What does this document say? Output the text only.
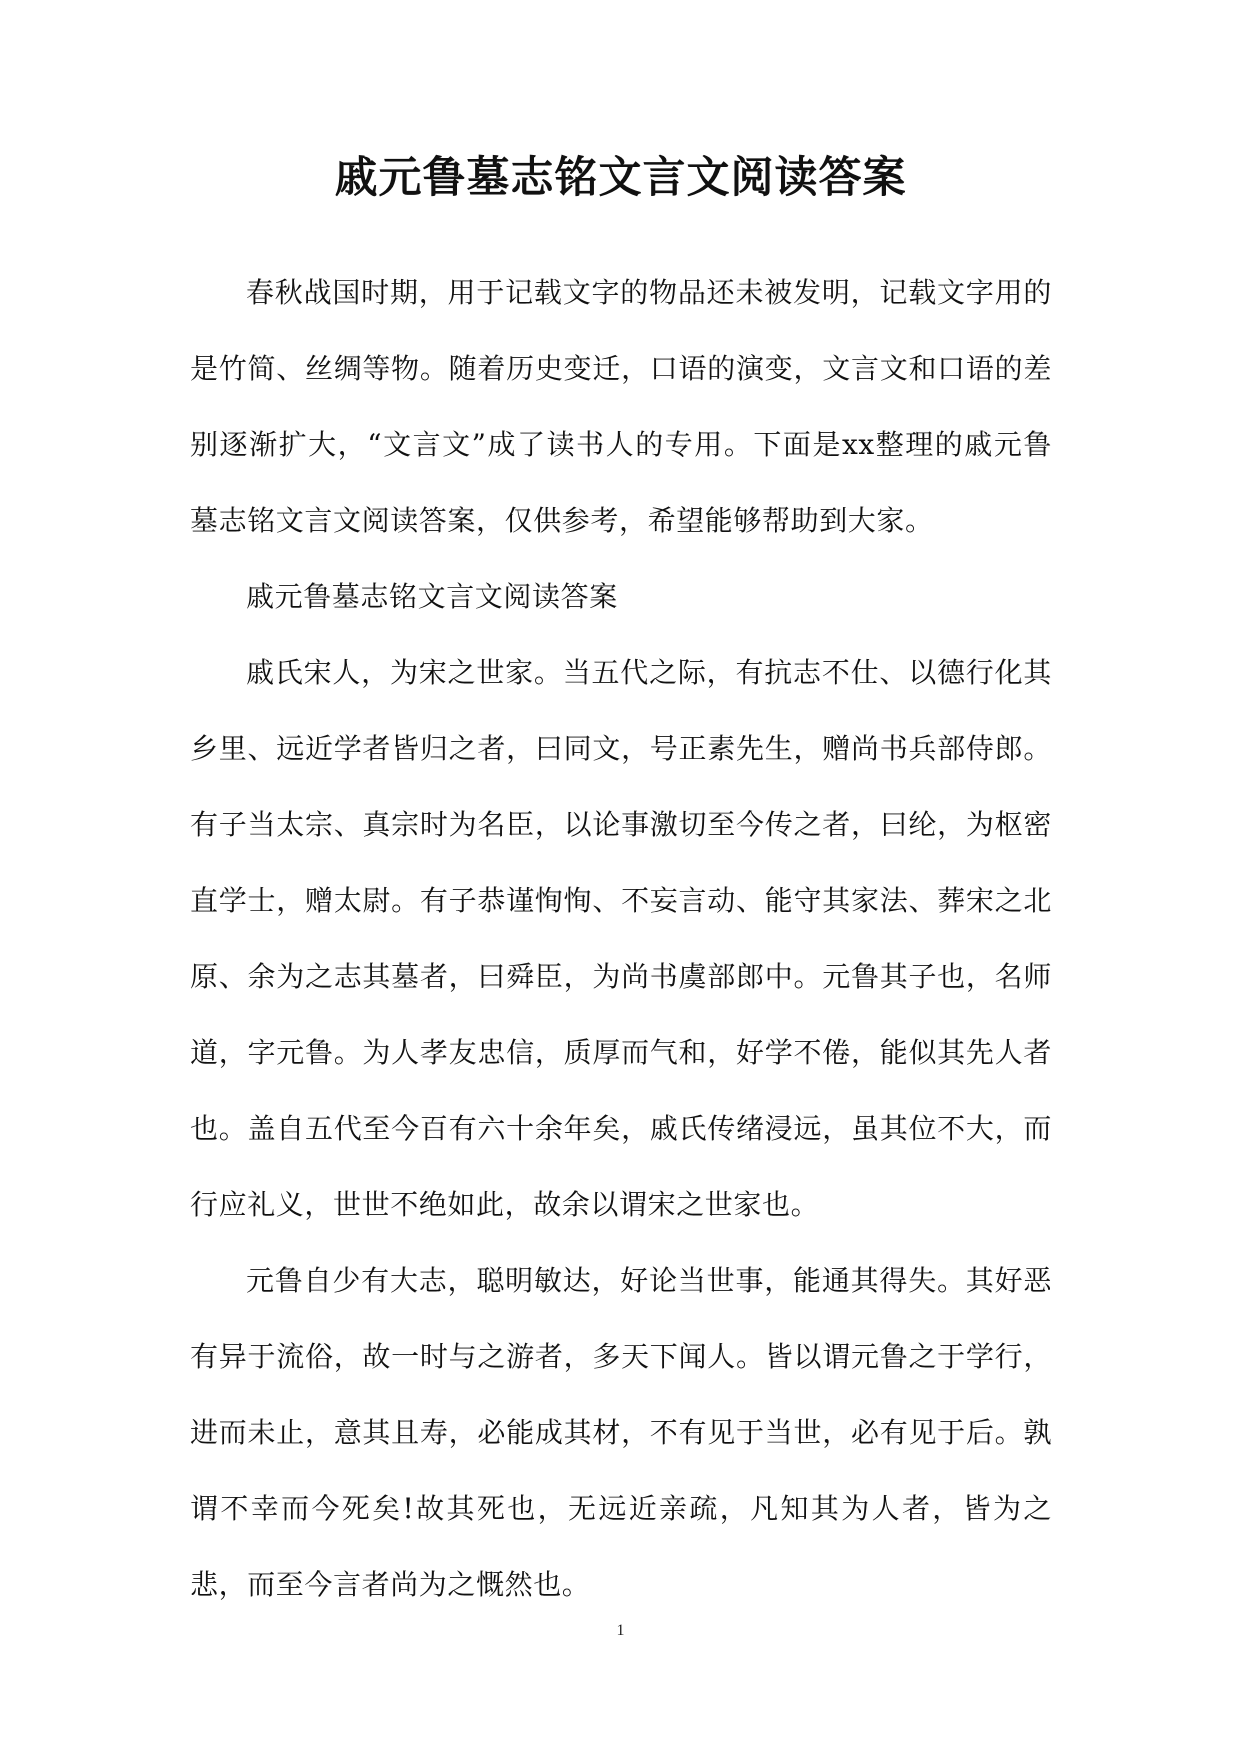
戚元鲁墓志铭文言文阅读答案

春秋战国时期，用于记载文字的物品还未被发明，记载文字用的是竹简、丝绸等物。随着历史变迁，口语的演变，文言文和口语的差别逐渐扩大，“文言文”成了读书人的专用。下面是xx整理的戚元鲁墓志铭文言文阅读答案，仅供参考，希望能够帮助到大家。

戚元鲁墓志铭文言文阅读答案

戚氏宋人，为宋之世家。当五代之际，有抗志不仕、以德行化其乡里、远近学者皆归之者，曰同文，号正素先生，赠尚书兵部侍郎。有子当太宗、真宗时为名臣，以论事激切至今传之者，曰纶，为枢密直学士，赠太尉。有子恭谨恂恂、不妄言动、能守其家法、葬宋之北原、余为之志其墓者，曰舜臣，为尚书虞部郎中。元鲁其子也，名师道，字元鲁。为人孝友忠信，质厚而气和，好学不倦，能似其先人者也。盖自五代至今百有六十余年矣，戚氏传绪浸远，虽其位不大，而行应礼义，世世不绝如此，故余以谓宋之世家也。

元鲁自少有大志，聪明敏达，好论当世事，能通其得失。其好恶有异于流俗，故一时与之游者，多天下闻人。皆以谓元鲁之于学行，进而未止，意其且寿，必能成其材，不有见于当世，必有见于后。孰谓不幸而今死矣!故其死也，无远近亲疏，凡知其为人者，皆为之悲，而至今言者尚为之慨然也。

1
